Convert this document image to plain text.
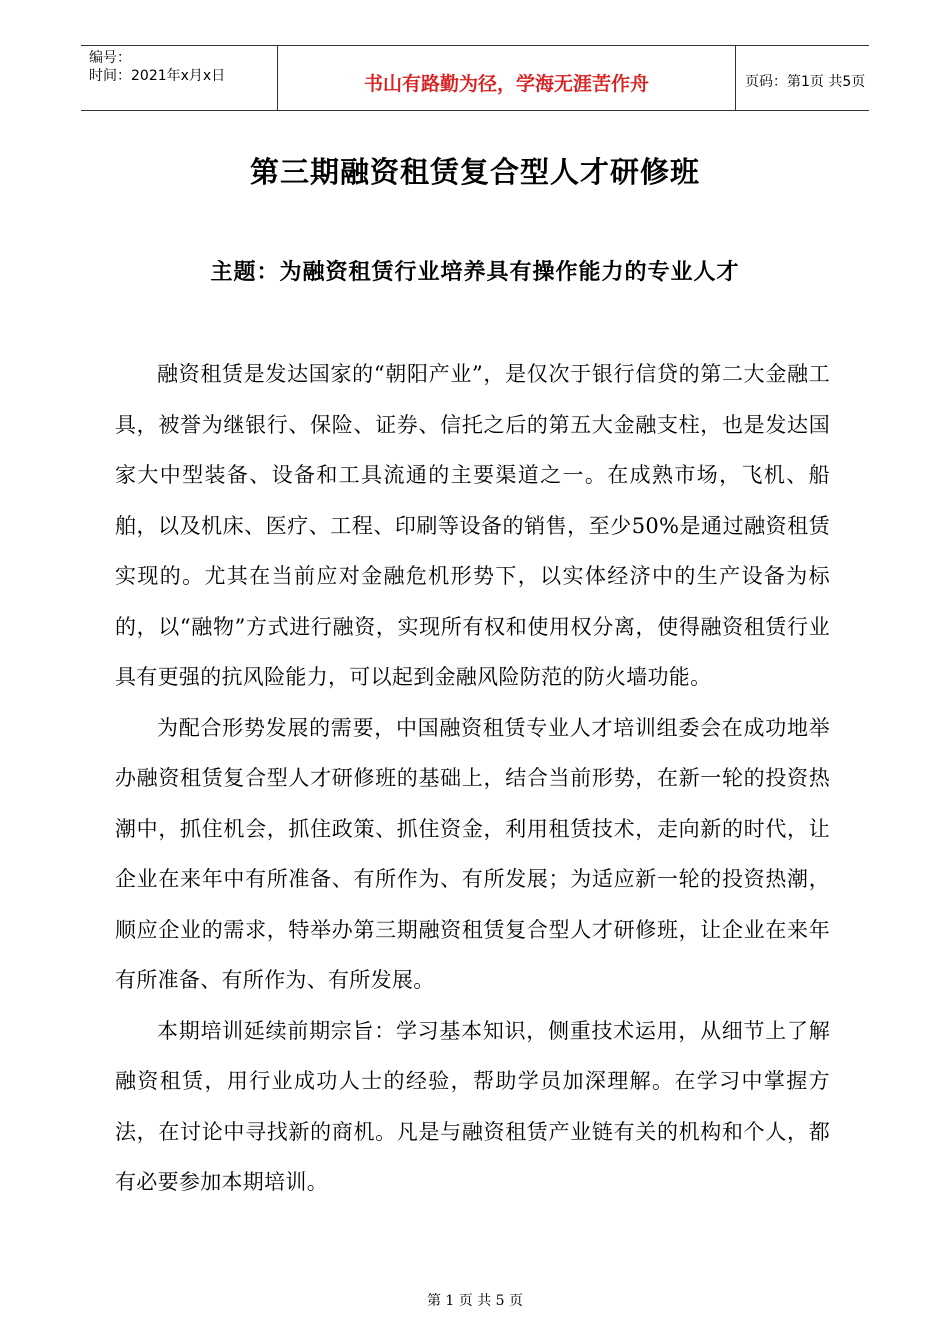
编号：
时间：2021年x月x日	书山有路勤为径，学海无涯苦作舟	页码：第1页 共5页
第三期融资租赁复合型人才研修班
主题：为融资租赁行业培养具有操作能力的专业人才

融资租赁是发达国家的“朝阳产业”，是仅次于银行信贷的第二大金融工具，被誉为继银行、保险、证券、信托之后的第五大金融支柱，也是发达国家大中型装备、设备和工具流通的主要渠道之一。在成熟市场，飞机、船舶，以及机床、医疗、工程、印刷等设备的销售，至少50%是通过融资租赁实现的。尤其在当前应对金融危机形势下，以实体经济中的生产设备为标的，以“融物”方式进行融资，实现所有权和使用权分离，使得融资租赁行业具有更强的抗风险能力，可以起到金融风险防范的防火墙功能。

为配合形势发展的需要，中国融资租赁专业人才培训组委会在成功地举办融资租赁复合型人才研修班的基础上，结合当前形势，在新一轮的投资热潮中，抓住机会，抓住政策、抓住资金，利用租赁技术，走向新的时代，让企业在来年中有所准备、有所作为、有所发展；为适应新一轮的投资热潮，顺应企业的需求，特举办第三期融资租赁复合型人才研修班，让企业在来年有所准备、有所作为、有所发展。

本期培训延续前期宗旨：学习基本知识，侧重技术运用，从细节上了解融资租赁，用行业成功人士的经验，帮助学员加深理解。在学习中掌握方法，在讨论中寻找新的商机。凡是与融资租赁产业链有关的机构和个人，都有必要参加本期培训。

第 1 页 共 5 页
